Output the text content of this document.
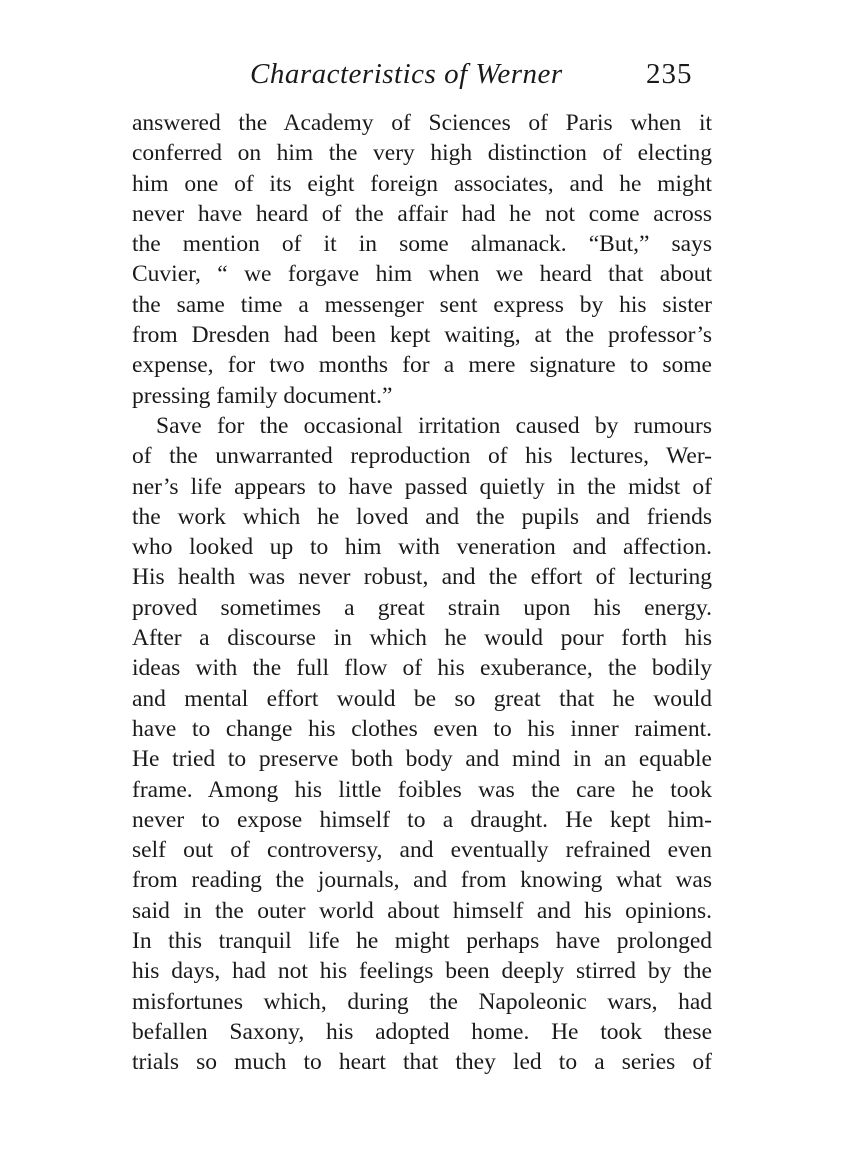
Characteristics of Werner	235
answered the Academy of Sciences of Paris when it
conferred on him the very high distinction of electing
him one of its eight foreign associates, and he might
never have heard of the affair had he not come across
the mention of it in some almanack. “But,” says
Cuvier, “ we forgave him when we heard that about
the same time a messenger sent express by his sister
from Dresden had been kept waiting, at the professor’s
expense, for two months for a mere signature to some
pressing family document.”
Save for the occasional irritation caused by rumours
of the unwarranted reproduction of his lectures, Wer-
ner’s life appears to have passed quietly in the midst of
the work which he loved and the pupils and friends
who looked up to him with veneration and affection.
His health was never robust, and the effort of lecturing
proved sometimes a great strain upon his energy.
After a discourse in which he would pour forth his
ideas with the full flow of his exuberance, the bodily
and mental effort would be so great that he would
have to change his clothes even to his inner raiment.
He tried to preserve both body and mind in an equable
frame. Among his little foibles was the care he took
never to expose himself to a draught. He kept him-
self out of controversy, and eventually refrained even
from reading the journals, and from knowing what was
said in the outer world about himself and his opinions.
In this tranquil life he might perhaps have prolonged
his days, had not his feelings been deeply stirred by the
misfortunes which, during the Napoleonic wars, had
befallen Saxony, his adopted home. He took these
trials so much to heart that they led to a series of
